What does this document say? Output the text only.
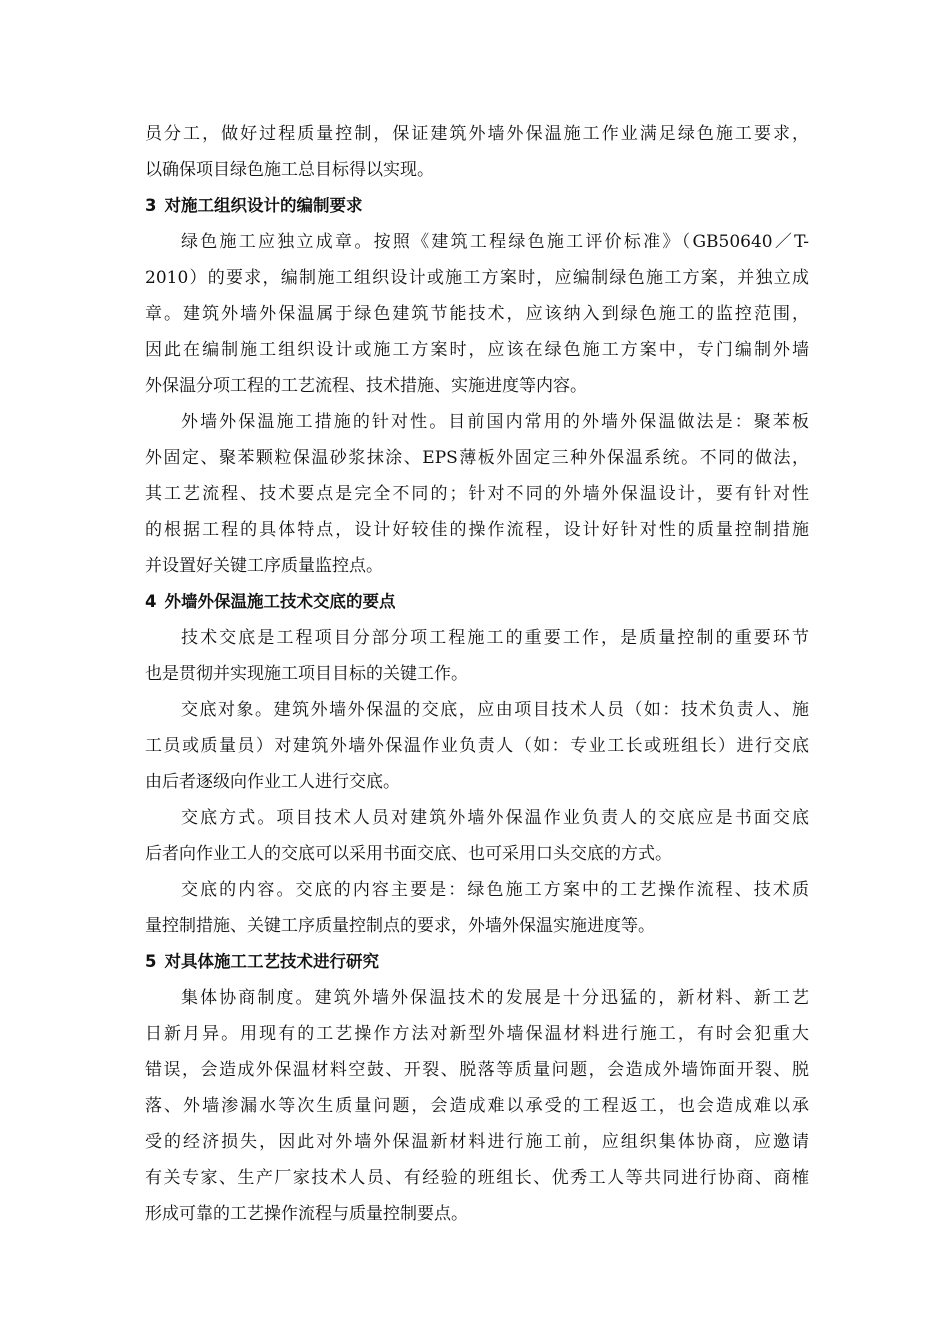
员分工，做好过程质量控制，保证建筑外墙外保温施工作业满足绿色施工要求，
以确保项目绿色施工总目标得以实现。
3 对施工组织设计的编制要求
绿色施工应独立成章。按照《建筑工程绿色施工评价标准》（GB50640／T-
2010）的要求，编制施工组织设计或施工方案时，应编制绿色施工方案，并独立成
章。建筑外墙外保温属于绿色建筑节能技术，应该纳入到绿色施工的监控范围，
因此在编制施工组织设计或施工方案时，应该在绿色施工方案中，专门编制外墙
外保温分项工程的工艺流程、技术措施、实施进度等内容。
外墙外保温施工措施的针对性。目前国内常用的外墙外保温做法是：聚苯板
外固定、聚苯颗粒保温砂浆抹涂、EPS薄板外固定三种外保温系统。不同的做法，
其工艺流程、技术要点是完全不同的；针对不同的外墙外保温设计，要有针对性
的根据工程的具体特点，设计好较佳的操作流程，设计好针对性的质量控制措施
并设置好关键工序质量监控点。
4 外墙外保温施工技术交底的要点
技术交底是工程项目分部分项工程施工的重要工作，是质量控制的重要环节
也是贯彻并实现施工项目目标的关键工作。
交底对象。建筑外墙外保温的交底，应由项目技术人员（如：技术负责人、施
工员或质量员）对建筑外墙外保温作业负责人（如：专业工长或班组长）进行交底
由后者逐级向作业工人进行交底。
交底方式。项目技术人员对建筑外墙外保温作业负责人的交底应是书面交底
后者向作业工人的交底可以采用书面交底、也可采用口头交底的方式。
交底的内容。交底的内容主要是：绿色施工方案中的工艺操作流程、技术质
量控制措施、关键工序质量控制点的要求，外墙外保温实施进度等。
5 对具体施工工艺技术进行研究
集体协商制度。建筑外墙外保温技术的发展是十分迅猛的，新材料、新工艺
日新月异。用现有的工艺操作方法对新型外墙保温材料进行施工，有时会犯重大
错误，会造成外保温材料空鼓、开裂、脱落等质量问题，会造成外墙饰面开裂、脱
落、外墙渗漏水等次生质量问题，会造成难以承受的工程返工，也会造成难以承
受的经济损失，因此对外墙外保温新材料进行施工前，应组织集体协商，应邀请
有关专家、生产厂家技术人员、有经验的班组长、优秀工人等共同进行协商、商榷
形成可靠的工艺操作流程与质量控制要点。
